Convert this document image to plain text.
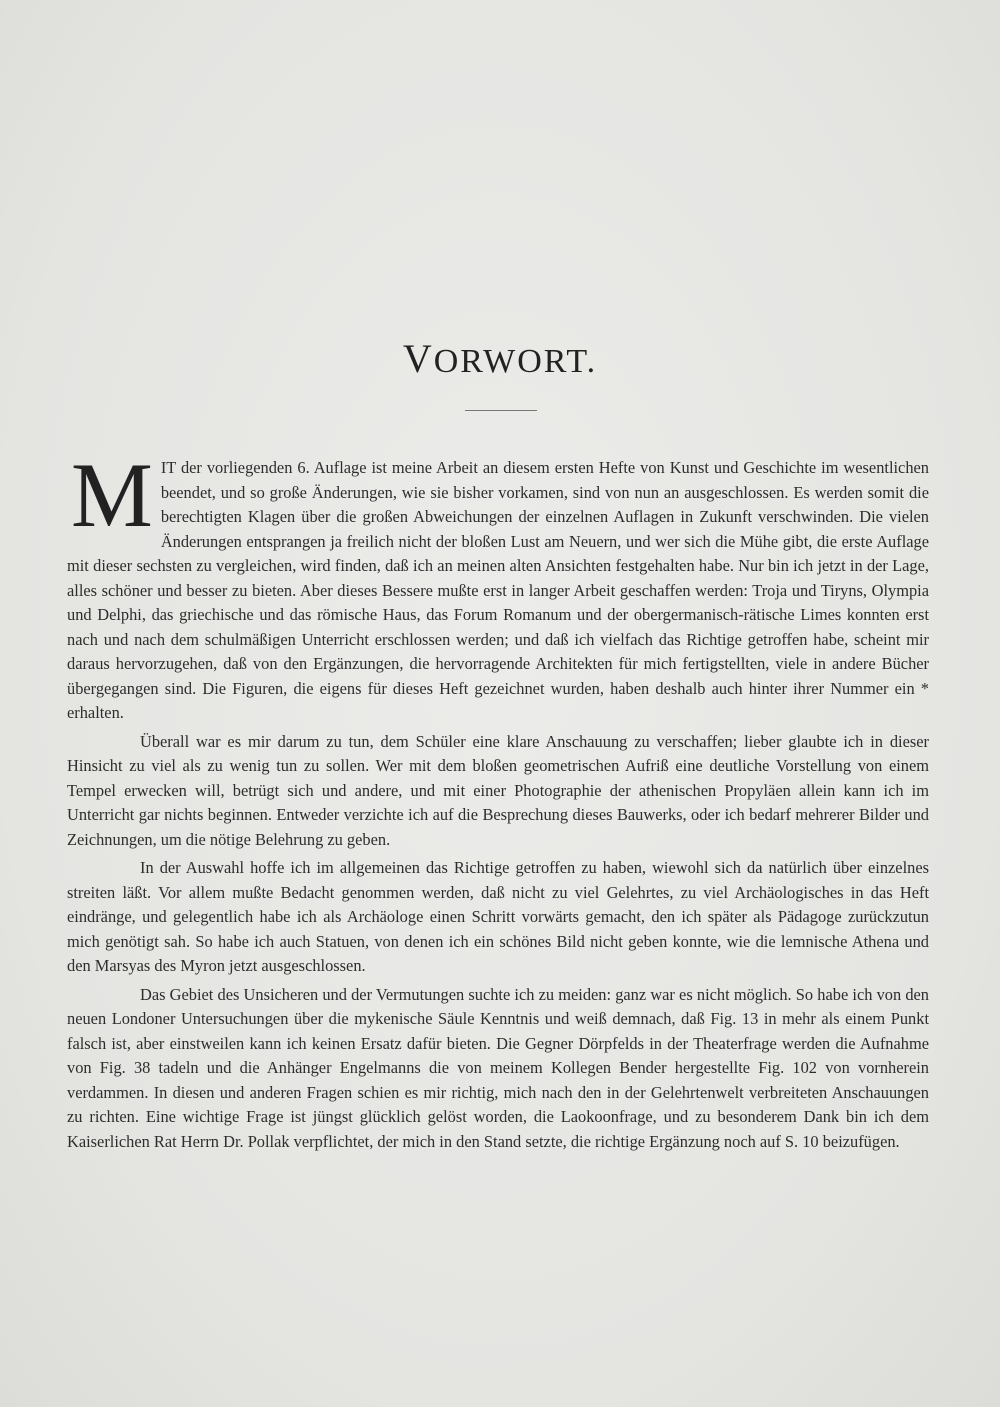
VORWORT.

MIT der vorliegenden 6. Auflage ist meine Arbeit an diesem ersten Hefte von Kunst und Geschichte im wesentlichen beendet, und so große Änderungen, wie sie bisher vorkamen, sind von nun an ausgeschlossen. Es werden somit die berechtigten Klagen über die großen Abweichungen der einzelnen Auflagen in Zukunft verschwinden. Die vielen Änderungen entsprangen ja freilich nicht der bloßen Lust am Neuern, und wer sich die Mühe gibt, die erste Auflage mit dieser sechsten zu vergleichen, wird finden, daß ich an meinen alten Ansichten festgehalten habe. Nur bin ich jetzt in der Lage, alles schöner und besser zu bieten. Aber dieses Bessere mußte erst in langer Arbeit geschaffen werden: Troja und Tiryns, Olympia und Delphi, das griechische und das römische Haus, das Forum Romanum und der obergermanisch-rätische Limes konnten erst nach und nach dem schulmäßigen Unterricht erschlossen werden; und daß ich vielfach das Richtige getroffen habe, scheint mir daraus hervorzugehen, daß von den Ergänzungen, die hervorragende Architekten für mich fertigstellten, viele in andere Bücher übergegangen sind. Die Figuren, die eigens für dieses Heft gezeichnet wurden, haben deshalb auch hinter ihrer Nummer ein * erhalten.

Überall war es mir darum zu tun, dem Schüler eine klare Anschauung zu verschaffen; lieber glaubte ich in dieser Hinsicht zu viel als zu wenig tun zu sollen. Wer mit dem bloßen geometrischen Aufriß eine deutliche Vorstellung von einem Tempel erwecken will, betrügt sich und andere, und mit einer Photographie der athenischen Propyläen allein kann ich im Unterricht gar nichts beginnen. Entweder verzichte ich auf die Besprechung dieses Bauwerks, oder ich bedarf mehrerer Bilder und Zeichnungen, um die nötige Belehrung zu geben.

In der Auswahl hoffe ich im allgemeinen das Richtige getroffen zu haben, wiewohl sich da natürlich über einzelnes streiten läßt. Vor allem mußte Bedacht genommen werden, daß nicht zu viel Gelehrtes, zu viel Archäologisches in das Heft eindränge, und gelegentlich habe ich als Archäologe einen Schritt vorwärts gemacht, den ich später als Pädagoge zurückzutun mich genötigt sah. So habe ich auch Statuen, von denen ich ein schönes Bild nicht geben konnte, wie die lemnische Athena und den Marsyas des Myron jetzt ausgeschlossen.

Das Gebiet des Unsicheren und der Vermutungen suchte ich zu meiden: ganz war es nicht möglich. So habe ich von den neuen Londoner Untersuchungen über die mykenische Säule Kenntnis und weiß demnach, daß Fig. 13 in mehr als einem Punkt falsch ist, aber einstweilen kann ich keinen Ersatz dafür bieten. Die Gegner Dörpfelds in der Theaterfrage werden die Aufnahme von Fig. 38 tadeln und die Anhänger Engelmanns die von meinem Kollegen Bender hergestellte Fig. 102 von vornherein verdammen. In diesen und anderen Fragen schien es mir richtig, mich nach den in der Gelehrtenwelt verbreiteten Anschauungen zu richten. Eine wichtige Frage ist jüngst glücklich gelöst worden, die Laokoonfrage, und zu besonderem Dank bin ich dem Kaiserlichen Rat Herrn Dr. Pollak verpflichtet, der mich in den Stand setzte, die richtige Ergänzung noch auf S. 10 beizufügen.
